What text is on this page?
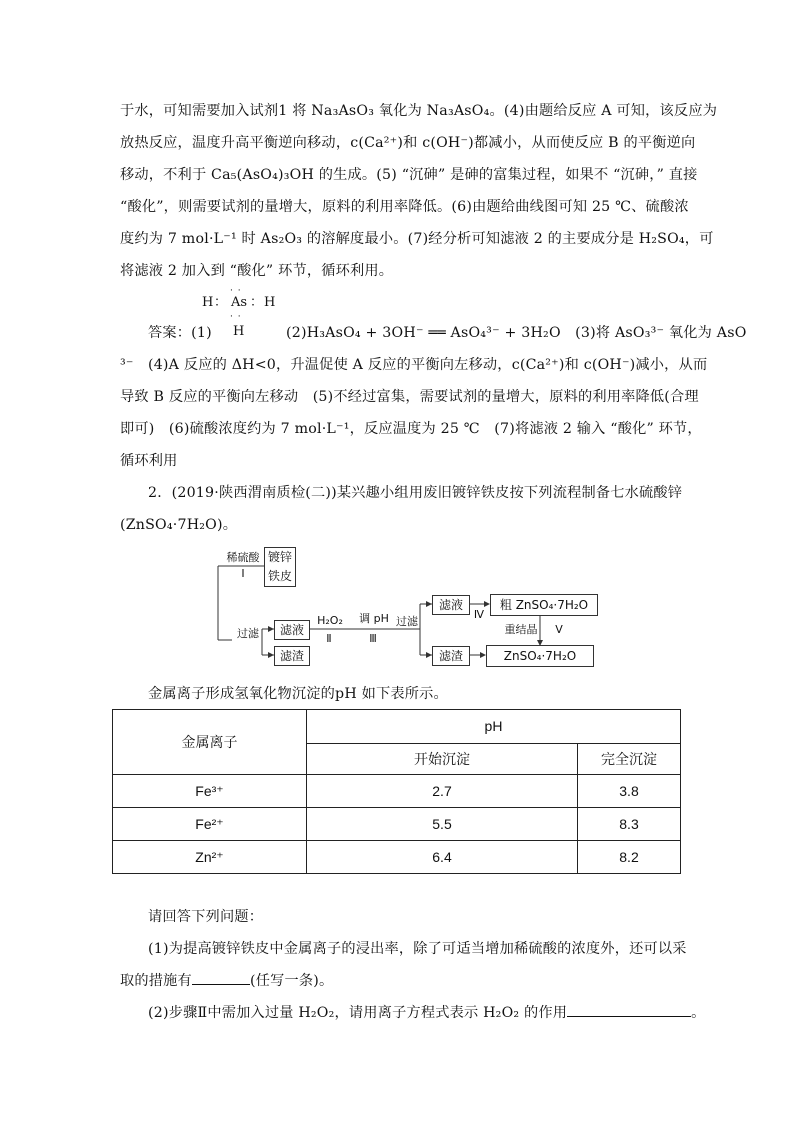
于水，可知需要加入试剂1 将 Na₃AsO₃ 氧化为 Na₃AsO₄。(4)由题给反应 A 可知，该反应为
放热反应，温度升高平衡逆向移动，c(Ca²⁺)和 c(OH⁻)都减小，从而使反应 B 的平衡逆向
移动，不利于 Ca₅(AsO₄)₃OH 的生成。(5) “沉砷” 是砷的富集过程，如果不 “沉砷，” 直接
“酸化”，则需要试剂的量增大，原料的利用率降低。(6)由题给曲线图可知 25 ℃、硫酸浓
度约为 7 mol·L⁻¹ 时 As₂O₃ 的溶解度最小。(7)经分析可知滤液 2 的主要成分是 H₂SO₄，可
将滤液 2 加入到 “酸化” 环节，循环利用。
· ·
H ： As ： H
· ·
H
答案：(1)	(2)H₃AsO₄ + 3OH⁻ ══ AsO₄³⁻ + 3H₂O　(3)将 AsO₃³⁻ 氧化为 AsO
³⁻　(4)A 反应的 ΔH<0，升温促使 A 反应的平衡向左移动，c(Ca²⁺)和 c(OH⁻)减小，从而
导致 B 反应的平衡向左移动　(5)不经过富集，需要试剂的量增大，原料的利用率降低(合理
即可)　(6)硫酸浓度约为 7 mol·L⁻¹，反应温度为 25 ℃　(7)将滤液 2 输入 “酸化” 环节，
循环利用
2．(2019·陕西渭南质检(二))某兴趣小组用废旧镀锌铁皮按下列流程制备七水硫酸锌
(ZnSO₄·7H₂O)。
稀硫酸
Ⅰ
镀锌
铁皮
过滤	滤液
滤渣
H₂O₂
Ⅱ
调 pH
Ⅲ
过滤
滤液
滤渣
Ⅳ
粗 ZnSO₄·7H₂O
重结晶 Ⅴ
ZnSO₄·7H₂O
金属离子形成氢氧化物沉淀的pH 如下表所示。
金属离子	pH	
	开始沉淀	完全沉淀
Fe³⁺	2.7	3.8
Fe²⁺	5.5	8.3
Zn²⁺	6.4	8.2
请回答下列问题：
(1)为提高镀锌铁皮中金属离子的浸出率，除了可适当增加稀硫酸的浓度外，还可以采
取的措施有	(任写一条)。
(2)步骤Ⅱ中需加入过量 H₂O₂，请用离子方程式表示 H₂O₂ 的作用	。
